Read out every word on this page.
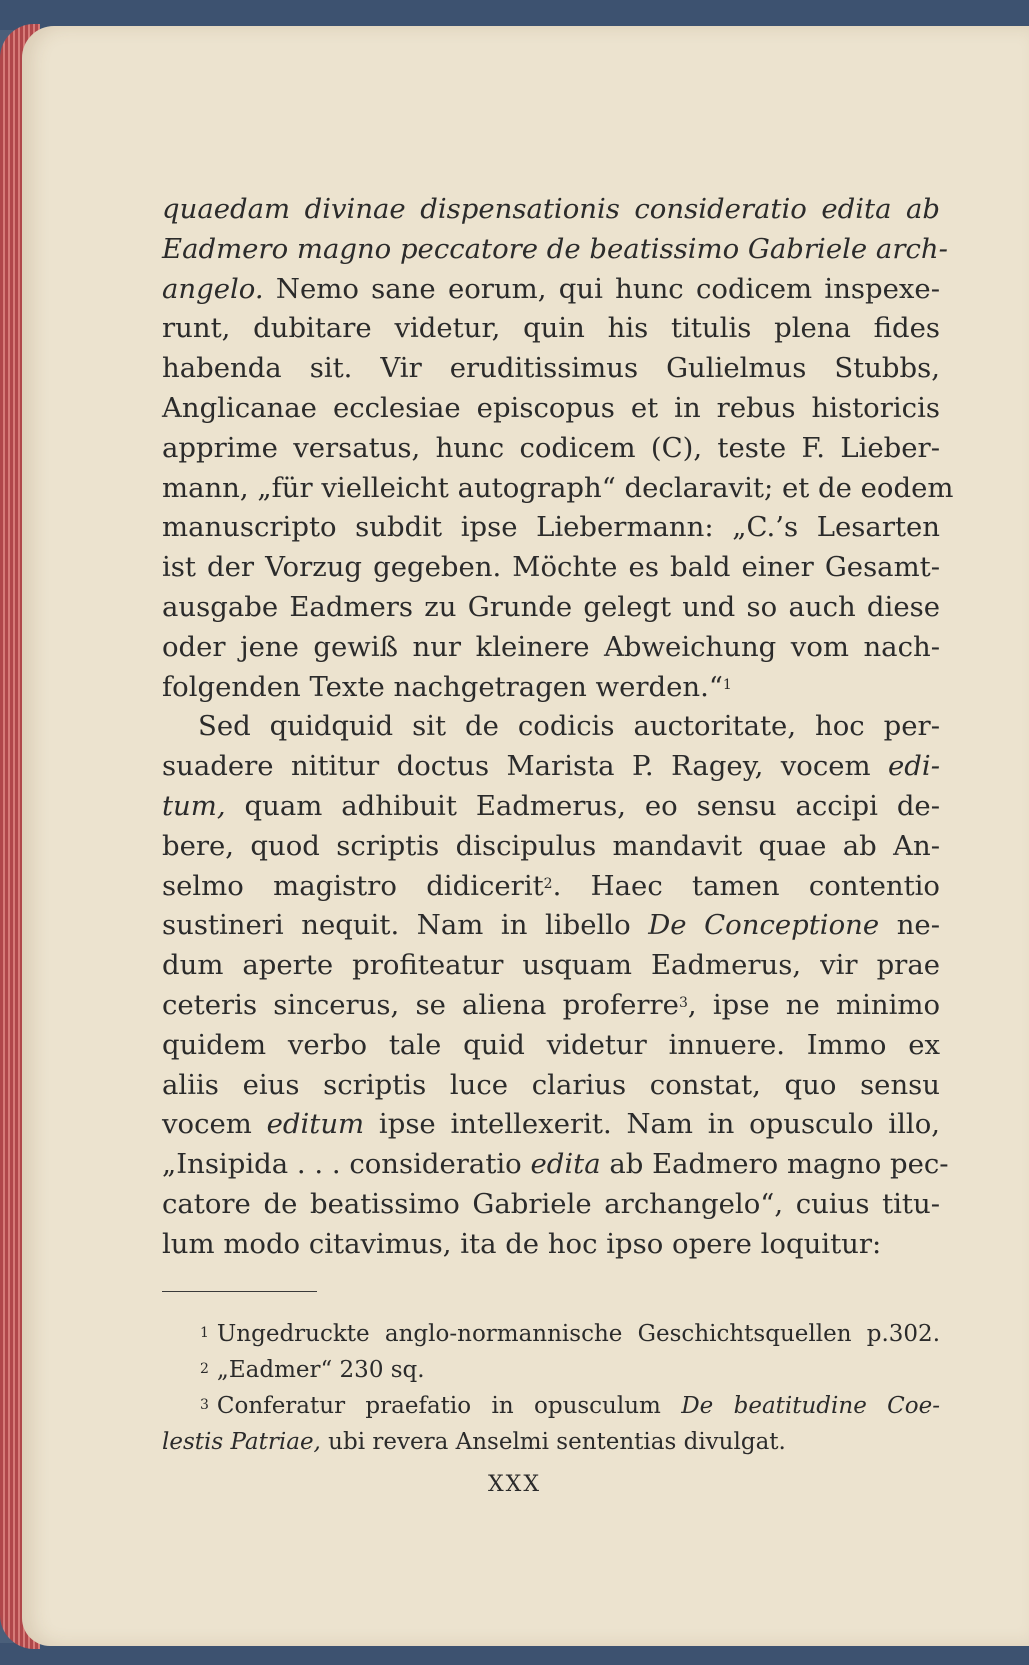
quaedam divinae dispensationis consideratio edita ab
Eadmero magno peccatore de beatissimo Gabriele arch-
angelo. Nemo sane eorum, qui hunc codicem inspexe-
runt, dubitare videtur, quin his titulis plena fides
habenda sit. Vir eruditissimus Gulielmus Stubbs,
Anglicanae ecclesiae episcopus et in rebus historicis
apprime versatus, hunc codicem (C), teste F. Lieber-
mann, „für vielleicht autograph“ declaravit; et de eodem
manuscripto subdit ipse Liebermann: „C.’s Lesarten
ist der Vorzug gegeben. Möchte es bald einer Gesamt-
ausgabe Eadmers zu Grunde gelegt und so auch diese
oder jene gewiß nur kleinere Abweichung vom nach-
folgenden Texte nachgetragen werden.“$^1$
Sed quidquid sit de codicis auctoritate, hoc per-
suadere nititur doctus Marista P. Ragey, vocem edi-
tum, quam adhibuit Eadmerus, eo sensu accipi de-
bere, quod scriptis discipulus mandavit quae ab An-
selmo magistro didicerit$^2$. Haec tamen contentio
sustineri nequit. Nam in libello De Conceptione ne-
dum aperte profiteatur usquam Eadmerus, vir prae
ceteris sincerus, se aliena proferre$^3$, ipse ne minimo
quidem verbo tale quid videtur innuere. Immo ex
aliis eius scriptis luce clarius constat, quo sensu
vocem editum ipse intellexerit. Nam in opusculo illo,
„Insipida . . . consideratio edita ab Eadmero magno pec-
catore de beatissimo Gabriele archangelo“, cuius titu-
lum modo citavimus, ita de hoc ipso opere loquitur:
$^1$ Ungedruckte anglo-normannische Geschichtsquellen p.302.
$^2$ „Eadmer“ 230 sq.
$^3$ Conferatur praefatio in opusculum De beatitudine Coe-
lestis Patriae, ubi revera Anselmi sententias divulgat.
XXX
